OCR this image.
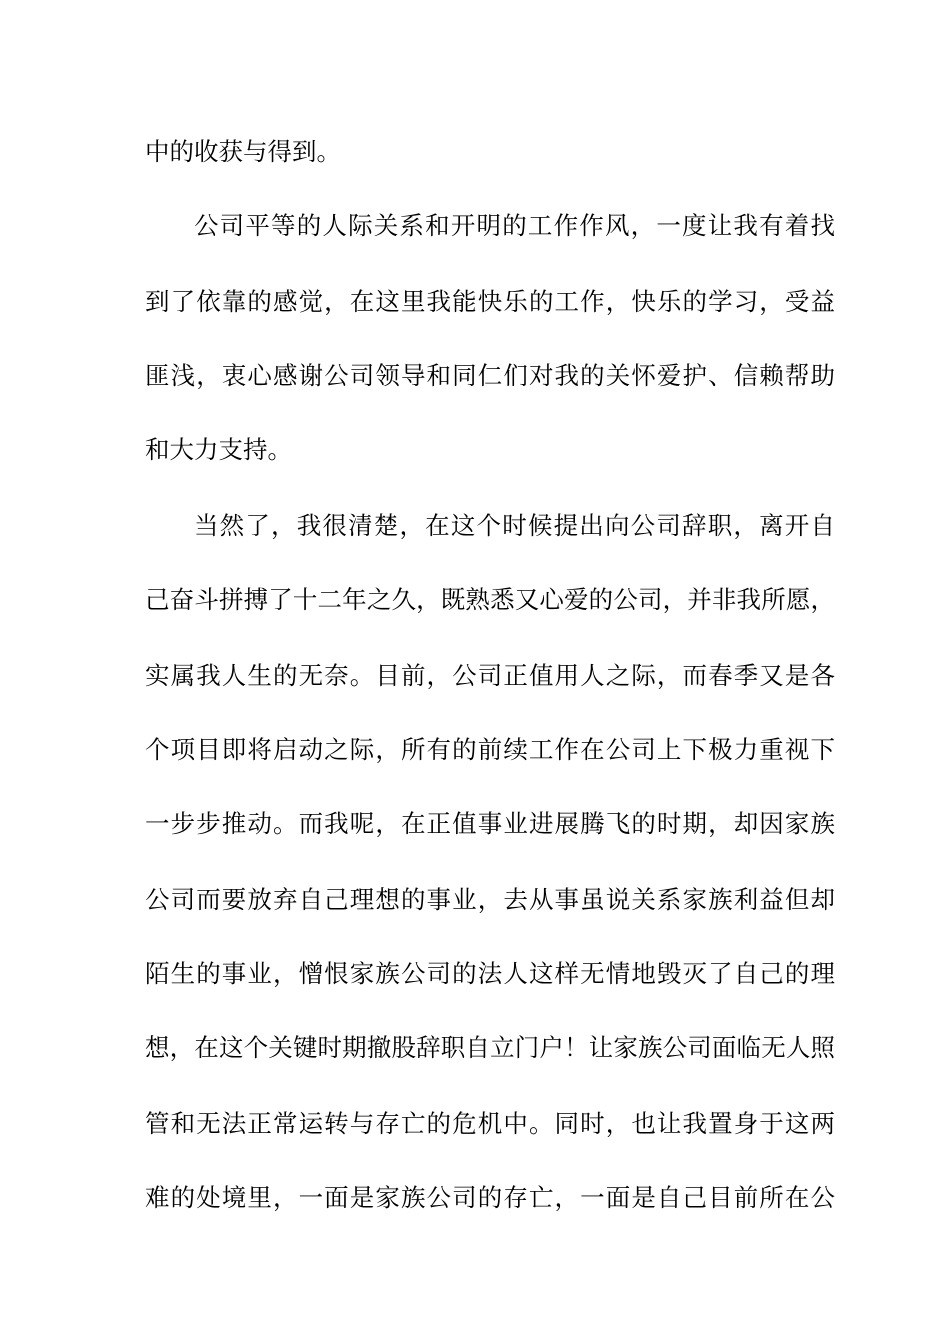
中的收获与得到。
公司平等的人际关系和开明的工作作风，一度让我有着找
到了依靠的感觉，在这里我能快乐的工作，快乐的学习，受益
匪浅，衷心感谢公司领导和同仁们对我的关怀爱护、信赖帮助
和大力支持。
当然了，我很清楚，在这个时候提出向公司辞职，离开自
己奋斗拼搏了十二年之久，既熟悉又心爱的公司，并非我所愿，
实属我人生的无奈。目前，公司正值用人之际，而春季又是各
个项目即将启动之际，所有的前续工作在公司上下极力重视下
一步步推动。而我呢，在正值事业进展腾飞的时期，却因家族
公司而要放弃自己理想的事业，去从事虽说关系家族利益但却
陌生的事业，憎恨家族公司的法人这样无情地毁灭了自己的理
想，在这个关键时期撤股辞职自立门户！让家族公司面临无人照
管和无法正常运转与存亡的危机中。同时，也让我置身于这两
难的处境里，一面是家族公司的存亡，一面是自己目前所在公
